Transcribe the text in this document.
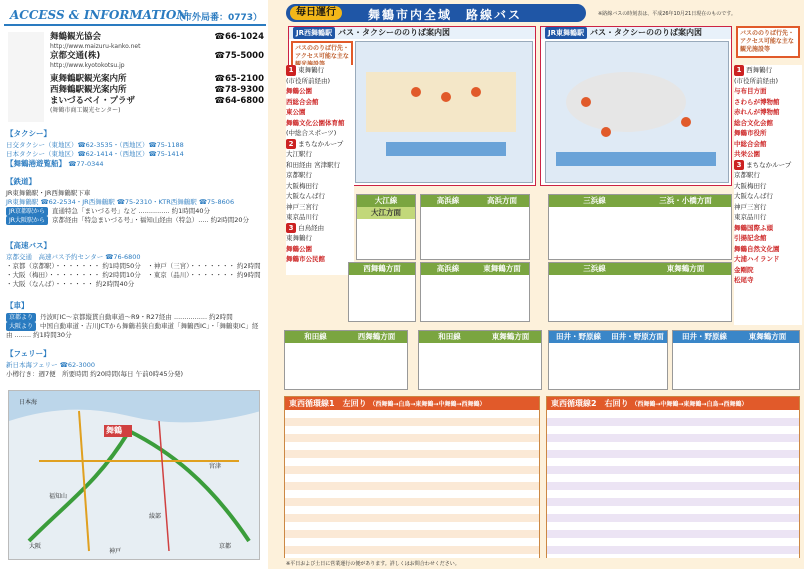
ACCESS & INFORMATION
（市外局番：0773）
舞鶴観光協会	☎66-1024
http://www.maizuru-kanko.net
京都交通(株)	☎75-5000
http://www.kyotokotsu.jp
東舞鶴駅観光案内所	☎65-2100
西舞鶴駅観光案内所	☎78-9300
まいづるベイ・プラザ	☎64-6800
(舞鶴市商工観光センター)
【タクシー】
日交タクシー（東地区）☎62-3535・（西地区）☎75-1188
日本タクシー（東地区）☎62-1414・（西地区）☎75-1414
【舞鶴港遊覧船】 ☎77-0344
【鉄道】
JR東舞鶴駅・JR西舞鶴駅下車
JR東舞鶴駅 ☎62-2534・JR西舞鶴駅 ☎75-2310・KTR西舞鶴駅 ☎75-8606
JR京都駅から 直通特急「まいづる号」など ............... 約1時間40分
JR大阪駅から 京都経由「特急まいづる号」・福知山経由（特急）..... 約2時間20分
【高速バス】
京都交通　高速バス予約センター ☎76-6800
・京都（京都駅）・・・・・・・ 約1時間50分　・神戸（三宮）・・・・・・・ 約2時間
・大阪（梅田）・・・・・・・・ 約2時間10分　・東京（品川）・・・・・・・ 約9時間
・大阪（なんば）・・・・・・ 約2時間40分
【車】
京都より 丹波町IC〜京都縦貫自動車道〜R9・R27経由 ................ 約2時間
大阪より 中国自動車道・吉川JCTから舞鶴若狭自動車道「舞鶴西IC」・「舞鶴東IC」経由 ........ 約1時間30分
【フェリー】
新日本海フェリー ☎62-3000
小樽行き：週7便　所要時間 約20時間(毎日 午前0時45分発)
舞鶴
日本海
宮津
綾部
福知山
京都
大阪
神戸
毎日運行	舞鶴市内全域　路線バス	※路線バスの時刻表は、平成26年10月21日現在のものです。
JR西舞鶴駅 バス・タクシーののりば案内図
バスののりば行先・アクセス可能な主な
1 東舞鶴行
(市役所前経由)
舞鶴公園
西総合会館
東公園
舞鶴文化公園体育館
(中総合スポーツ)
2 まちなかループ
大江駅行
和田経由 宮津駅行
京都駅行
大阪梅田行
大阪なんば行
神戸三宮行
東京品川行
3 白鳥経由
東舞鶴行
舞鶴公園
舞鶴市公民館
JR東舞鶴駅 バス・タクシーののりば案内図	バスののりば行先・アクセス可能な主な観光施設等
1 西舞鶴行
(市役所前経由)
与布目方面
さわらが博物館
赤れんが博物館
総合文化会館
舞鶴市役所
中総合会館
共栄公園
3 まちなかループ
京都駅行
大阪梅田行
大阪なんば行
神戸三宮行
東京品川行
舞鶴国際ふ頭
引揚記念館
舞鶴自然文化園
大浦ハイランド
金剛院
松尾寺
大江線
大江方面
高浜線	高浜方面	三浜線	三浜・小橋方面
西舞鶴方面	高浜線	東舞鶴方面	三浜線	東舞鶴方面
和田線	西舞鶴方面	和田線	東舞鶴方面	田井・野原線	田井・野原方面	田井・野原線	東舞鶴方面
東西循環線1　左回り （西舞鶴→白鳥→東舞鶴→中舞鶴→西舞鶴）	東西循環線2　右回り （西舞鶴→中舞鶴→東舞鶴→白鳥→西舞鶴）
※平日および土日に営業運行の便があります。詳しくはお問合わせください。
